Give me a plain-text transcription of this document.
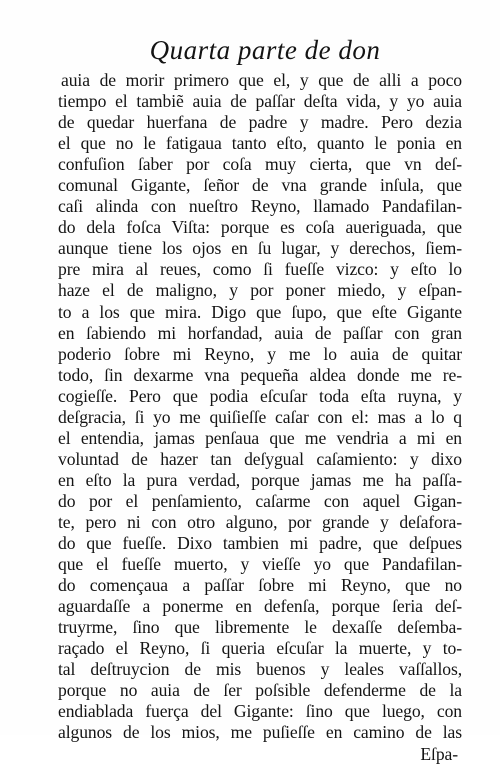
Quarta parte de don
auia de morir primero que el, y que de alli a poco
tiempo el tambiẽ auia de paſſar deſta vida, y yo auia
de quedar huerfana de padre y madre. Pero dezia
el que no le fatigaua tanto eſto, quanto le ponia en
confuſion ſaber por coſa muy cierta, que vn deſ-
comunal Gigante, ſeñor de vna grande inſula, que
caſi alinda con nueſtro Reyno, llamado Pandafilan-
do dela foſca Viſta: porque es coſa aueriguada, que
aunque tiene los ojos en ſu lugar, y derechos, ſiem-
pre mira al reues, como ſi fueſſe vizco: y eſto lo
haze el de maligno, y por poner miedo, y eſpan-
to a los que mira. Digo que ſupo, que eſte Gigante
en ſabiendo mi horfandad, auia de paſſar con gran
poderio ſobre mi Reyno, y me lo auia de quitar
todo, ſin dexarme vna pequeña aldea donde me re-
cogieſſe. Pero que podia eſcuſar toda eſta ruyna, y
deſgracia, ſi yo me quiſieſſe caſar con el: mas a lo q
el entendia, jamas penſaua que me vendria a mi en
voluntad de hazer tan deſygual caſamiento: y dixo
en eſto la pura verdad, porque jamas me ha paſſa-
do por el penſamiento, caſarme con aquel Gigan-
te, pero ni con otro alguno, por grande y deſafora-
do que fueſſe. Dixo tambien mi padre, que deſpues
que el fueſſe muerto, y vieſſe yo que Pandafilan-
do començaua a paſſar ſobre mi Reyno, que no
aguardaſſe a ponerme en defenſa, porque ſeria deſ-
truyrme, ſino que libremente le dexaſſe deſemba-
raçado el Reyno, ſi queria eſcuſar la muerte, y to-
tal deſtruycion de mis buenos y leales vaſſallos,
porque no auia de ſer poſsible defenderme de la
endiablada fuerça del Gigante: ſino que luego, con
algunos de los mios, me puſieſſe en camino de las
Eſpa-
